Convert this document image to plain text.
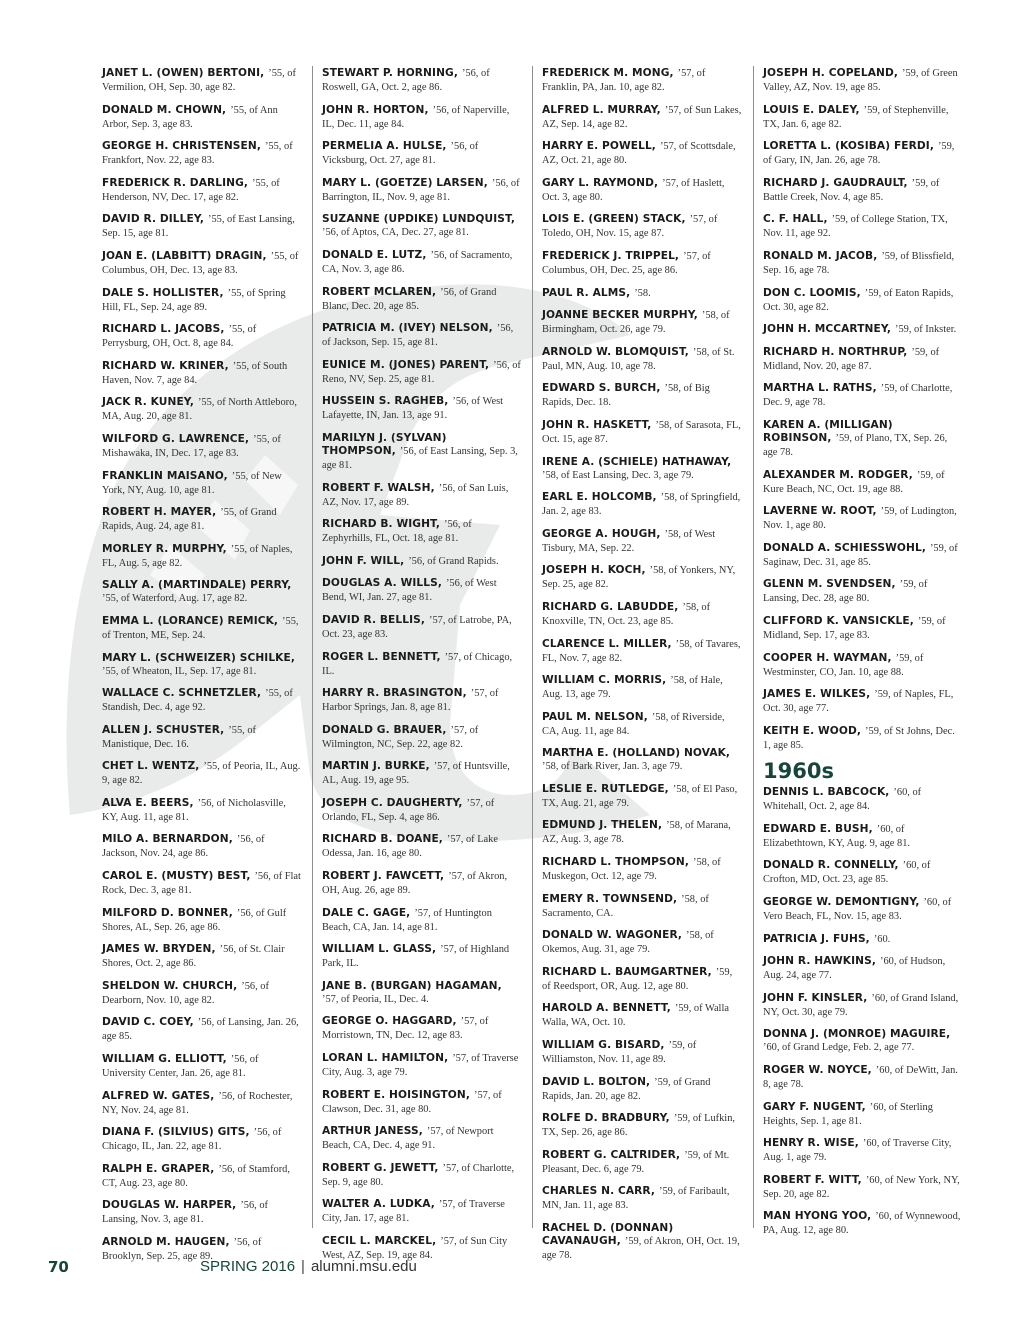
JANET L. (OWEN) BERTONI, ’55, of Vermilion, OH, Sep. 30, age 82.
DONALD M. CHOWN, ’55, of Ann Arbor, Sep. 3, age 83.
GEORGE H. CHRISTENSEN, ’55, of Frankfort, Nov. 22, age 83.
FREDERICK R. DARLING, ’55, of Henderson, NV, Dec. 17, age 82.
DAVID R. DILLEY, ’55, of East Lansing, Sep. 15, age 81.
JOAN E. (LABBITT) DRAGIN, ’55, of Columbus, OH, Dec. 13, age 83.
DALE S. HOLLISTER, ’55, of Spring Hill, FL, Sep. 24, age 89.
RICHARD L. JACOBS, ’55, of Perrysburg, OH, Oct. 8, age 84.
RICHARD W. KRINER, ’55, of South Haven, Nov. 7, age 84.
JACK R. KUNEY, ’55, of North Attleboro, MA, Aug. 20, age 81.
WILFORD G. LAWRENCE, ’55, of Mishawaka, IN, Dec. 17, age 83.
FRANKLIN MAISANO, ’55, of New York, NY, Aug. 10, age 81.
ROBERT H. MAYER, ’55, of Grand Rapids, Aug. 24, age 81.
MORLEY R. MURPHY, ’55, of Naples, FL, Aug. 5, age 82.
SALLY A. (MARTINDALE) PERRY, ’55, of Waterford, Aug. 17, age 82.
EMMA L. (LORANCE) REMICK, ’55, of Trenton, ME, Sep. 24.
MARY L. (SCHWEIZER) SCHILKE, ’55, of Wheaton, IL, Sep. 17, age 81.
WALLACE C. SCHNETZLER, ’55, of Standish, Dec. 4, age 92.
ALLEN J. SCHUSTER, ’55, of Manistique, Dec. 16.
CHET L. WENTZ, ’55, of Peoria, IL, Aug. 9, age 82.
ALVA E. BEERS, ’56, of Nicholasville, KY, Aug. 11, age 81.
MILO A. BERNARDON, ’56, of Jackson, Nov. 24, age 86.
CAROL E. (MUSTY) BEST, ’56, of Flat Rock, Dec. 3, age 81.
MILFORD D. BONNER, ’56, of Gulf Shores, AL, Sep. 26, age 86.
JAMES W. BRYDEN, ’56, of St. Clair Shores, Oct. 2, age 86.
SHELDON W. CHURCH, ’56, of Dearborn, Nov. 10, age 82.
DAVID C. COEY, ’56, of Lansing, Jan. 26, age 85.
WILLIAM G. ELLIOTT, ’56, of University Center, Jan. 26, age 81.
ALFRED W. GATES, ’56, of Rochester, NY, Nov. 24, age 81.
DIANA F. (SILVIUS) GITS, ’56, of Chicago, IL, Jan. 22, age 81.
RALPH E. GRAPER, ’56, of Stamford, CT, Aug. 23, age 80.
DOUGLAS W. HARPER, ’56, of Lansing, Nov. 3, age 81.
ARNOLD M. HAUGEN, ’56, of Brooklyn, Sep. 25, age 89.
STEWART P. HORNING, ’56, of Roswell, GA, Oct. 2, age 86.
JOHN R. HORTON, ’56, of Naperville, IL, Dec. 11, age 84.
PERMELIA A. HULSE, ’56, of Vicksburg, Oct. 27, age 81.
MARY L. (GOETZE) LARSEN, ’56, of Barrington, IL, Nov. 9, age 81.
SUZANNE (UPDIKE) LUNDQUIST, ’56, of Aptos, CA, Dec. 27, age 81.
DONALD E. LUTZ, ’56, of Sacramento, CA, Nov. 3, age 86.
ROBERT MCLAREN, ’56, of Grand Blanc, Dec. 20, age 85.
PATRICIA M. (IVEY) NELSON, ’56, of Jackson, Sep. 15, age 81.
EUNICE M. (JONES) PARENT, ’56, of Reno, NV, Sep. 25, age 81.
HUSSEIN S. RAGHEB, ’56, of West Lafayette, IN, Jan. 13, age 91.
MARILYN J. (SYLVAN) THOMPSON, ’56, of East Lansing, Sep. 3, age 81.
ROBERT F. WALSH, ’56, of San Luis, AZ, Nov. 17, age 89.
RICHARD B. WIGHT, ’56, of Zephyrhills, FL, Oct. 18, age 81.
JOHN F. WILL, ’56, of Grand Rapids.
DOUGLAS A. WILLS, ’56, of West Bend, WI, Jan. 27, age 81.
DAVID R. BELLIS, ’57, of Latrobe, PA, Oct. 23, age 83.
ROGER L. BENNETT, ’57, of Chicago, IL.
HARRY R. BRASINGTON, ’57, of Harbor Springs, Jan. 8, age 81.
DONALD G. BRAUER, ’57, of Wilmington, NC, Sep. 22, age 82.
MARTIN J. BURKE, ’57, of Huntsville, AL, Aug. 19, age 95.
JOSEPH C. DAUGHERTY, ’57, of Orlando, FL, Sep. 4, age 86.
RICHARD B. DOANE, ’57, of Lake Odessa, Jan. 16, age 80.
ROBERT J. FAWCETT, ’57, of Akron, OH, Aug. 26, age 89.
DALE C. GAGE, ’57, of Huntington Beach, CA, Jan. 14, age 81.
WILLIAM L. GLASS, ’57, of Highland Park, IL.
JANE B. (BURGAN) HAGAMAN, ’57, of Peoria, IL, Dec. 4.
GEORGE O. HAGGARD, ’57, of Morristown, TN, Dec. 12, age 83.
LORAN L. HAMILTON, ’57, of Traverse City, Aug. 3, age 79.
ROBERT E. HOISINGTON, ’57, of Clawson, Dec. 31, age 80.
ARTHUR JANESS, ’57, of Newport Beach, CA, Dec. 4, age 91.
ROBERT G. JEWETT, ’57, of Charlotte, Sep. 9, age 80.
WALTER A. LUDKA, ’57, of Traverse City, Jan. 17, age 81.
CECIL L. MARCKEL, ’57, of Sun City West, AZ, Sep. 19, age 84.
FREDERICK M. MONG, ’57, of Franklin, PA, Jan. 10, age 82.
ALFRED L. MURRAY, ’57, of Sun Lakes, AZ, Sep. 14, age 82.
HARRY E. POWELL, ’57, of Scottsdale, AZ, Oct. 21, age 80.
GARY L. RAYMOND, ’57, of Haslett, Oct. 3, age 80.
LOIS E. (GREEN) STACK, ’57, of Toledo, OH, Nov. 15, age 87.
FREDERICK J. TRIPPEL, ’57, of Columbus, OH, Dec. 25, age 86.
PAUL R. ALMS, ’58.
JOANNE BECKER MURPHY, ’58, of Birmingham, Oct. 26, age 79.
ARNOLD W. BLOMQUIST, ’58, of St. Paul, MN, Aug. 10, age 78.
EDWARD S. BURCH, ’58, of Big Rapids, Dec. 18.
JOHN R. HASKETT, ’58, of Sarasota, FL, Oct. 15, age 87.
IRENE A. (SCHIELE) HATHAWAY, ’58, of East Lansing, Dec. 3, age 79.
EARL E. HOLCOMB, ’58, of Springfield, Jan. 2, age 83.
GEORGE A. HOUGH, ’58, of West Tisbury, MA, Sep. 22.
JOSEPH H. KOCH, ’58, of Yonkers, NY, Sep. 25, age 82.
RICHARD G. LABUDDE, ’58, of Knoxville, TN, Oct. 23, age 85.
CLARENCE L. MILLER, ’58, of Tavares, FL, Nov. 7, age 82.
WILLIAM C. MORRIS, ’58, of Hale, Aug. 13, age 79.
PAUL M. NELSON, ’58, of Riverside, CA, Aug. 11, age 84.
MARTHA E. (HOLLAND) NOVAK, ’58, of Bark River, Jan. 3, age 79.
LESLIE E. RUTLEDGE, ’58, of El Paso, TX, Aug. 21, age 79.
EDMUND J. THELEN, ’58, of Marana, AZ, Aug. 3, age 78.
RICHARD L. THOMPSON, ’58, of Muskegon, Oct. 12, age 79.
EMERY R. TOWNSEND, ’58, of Sacramento, CA.
DONALD W. WAGONER, ’58, of Okemos, Aug. 31, age 79.
RICHARD L. BAUMGARTNER, ’59, of Reedsport, OR, Aug. 12, age 80.
HAROLD A. BENNETT, ’59, of Walla Walla, WA, Oct. 10.
WILLIAM G. BISARD, ’59, of Williamston, Nov. 11, age 89.
DAVID L. BOLTON, ’59, of Grand Rapids, Jan. 20, age 82.
ROLFE D. BRADBURY, ’59, of Lufkin, TX, Sep. 26, age 86.
ROBERT G. CALTRIDER, ’59, of Mt. Pleasant, Dec. 6, age 79.
CHARLES N. CARR, ’59, of Faribault, MN, Jan. 11, age 83.
RACHEL D. (DONNAN) CAVANAUGH, ’59, of Akron, OH, Oct. 19, age 78.
JOSEPH H. COPELAND, ’59, of Green Valley, AZ, Nov. 19, age 85.
LOUIS E. DALEY, ’59, of Stephenville, TX, Jan. 6, age 82.
LORETTA L. (KOSIBA) FERDI, ’59, of Gary, IN, Jan. 26, age 78.
RICHARD J. GAUDRAULT, ’59, of Battle Creek, Nov. 4, age 85.
C. F. HALL, ’59, of College Station, TX, Nov. 11, age 92.
RONALD M. JACOB, ’59, of Blissfield, Sep. 16, age 78.
DON C. LOOMIS, ’59, of Eaton Rapids, Oct. 30, age 82.
JOHN H. MCCARTNEY, ’59, of Inkster.
RICHARD H. NORTHRUP, ’59, of Midland, Nov. 20, age 87.
MARTHA L. RATHS, ’59, of Charlotte, Dec. 9, age 78.
KAREN A. (MILLIGAN) ROBINSON, ’59, of Plano, TX, Sep. 26, age 78.
ALEXANDER M. RODGER, ’59, of Kure Beach, NC, Oct. 19, age 88.
LAVERNE W. ROOT, ’59, of Ludington, Nov. 1, age 80.
DONALD A. SCHIESSWOHL, ’59, of Saginaw, Dec. 31, age 85.
GLENN M. SVENDSEN, ’59, of Lansing, Dec. 28, age 80.
CLIFFORD K. VANSICKLE, ’59, of Midland, Sep. 17, age 83.
COOPER H. WAYMAN, ’59, of Westminster, CO, Jan. 10, age 88.
JAMES E. WILKES, ’59, of Naples, FL, Oct. 30, age 77.
KEITH E. WOOD, ’59, of St Johns, Dec. 1, age 85.
1960s
DENNIS L. BABCOCK, ’60, of Whitehall, Oct. 2, age 84.
EDWARD E. BUSH, ’60, of Elizabethtown, KY, Aug. 9, age 81.
DONALD R. CONNELLY, ’60, of Crofton, MD, Oct. 23, age 85.
GEORGE W. DEMONTIGNY, ’60, of Vero Beach, FL, Nov. 15, age 83.
PATRICIA J. FUHS, ’60.
JOHN R. HAWKINS, ’60, of Hudson, Aug. 24, age 77.
JOHN F. KINSLER, ’60, of Grand Island, NY, Oct. 30, age 79.
DONNA J. (MONROE) MAGUIRE, ’60, of Grand Ledge, Feb. 2, age 77.
ROGER W. NOYCE, ’60, of DeWitt, Jan. 8, age 78.
GARY F. NUGENT, ’60, of Sterling Heights, Sep. 1, age 81.
HENRY R. WISE, ’60, of Traverse City, Aug. 1, age 79.
ROBERT F. WITT, ’60, of New York, NY, Sep. 20, age 82.
MAN HYONG YOO, ’60, of Wynnewood, PA, Aug. 12, age 80.
70	SPRING 2016 | alumni.msu.edu
